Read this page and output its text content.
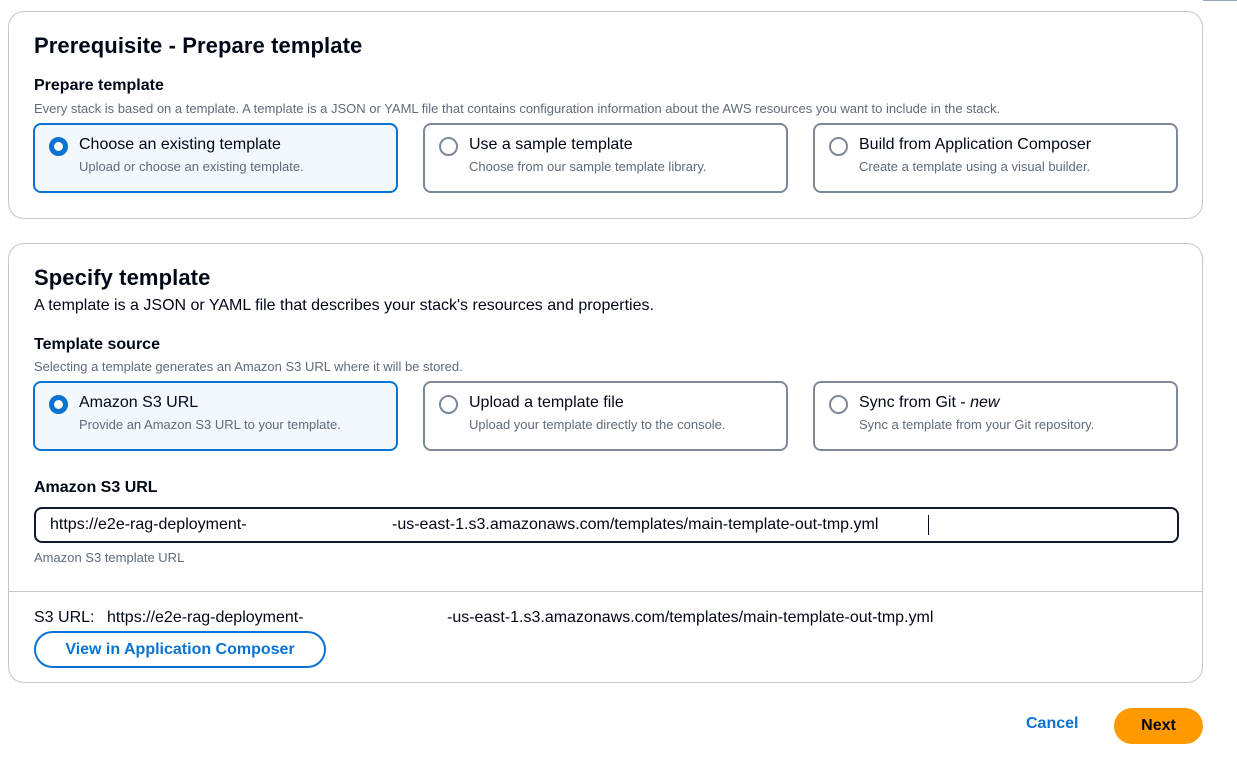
Prerequisite - Prepare template
Prepare template
Every stack is based on a template. A template is a JSON or YAML file that contains configuration information about the AWS resources you want to include in the stack.
Choose an existing template
Upload or choose an existing template.
Use a sample template
Choose from our sample template library.
Build from Application Composer
Create a template using a visual builder.
Specify template
A template is a JSON or YAML file that describes your stack's resources and properties.
Template source
Selecting a template generates an Amazon S3 URL where it will be stored.
Amazon S3 URL
Provide an Amazon S3 URL to your template.
Upload a template file
Upload your template directly to the console.
Sync from Git - new
Sync a template from your Git repository.
Amazon S3 URL
https://e2e-rag-deployment-	-us-east-1.s3.amazonaws.com/templates/main-template-out-tmp.yml
Amazon S3 template URL
S3 URL: https://e2e-rag-deployment-	-us-east-1.s3.amazonaws.com/templates/main-template-out-tmp.yml
View in Application Composer
Cancel	Next
